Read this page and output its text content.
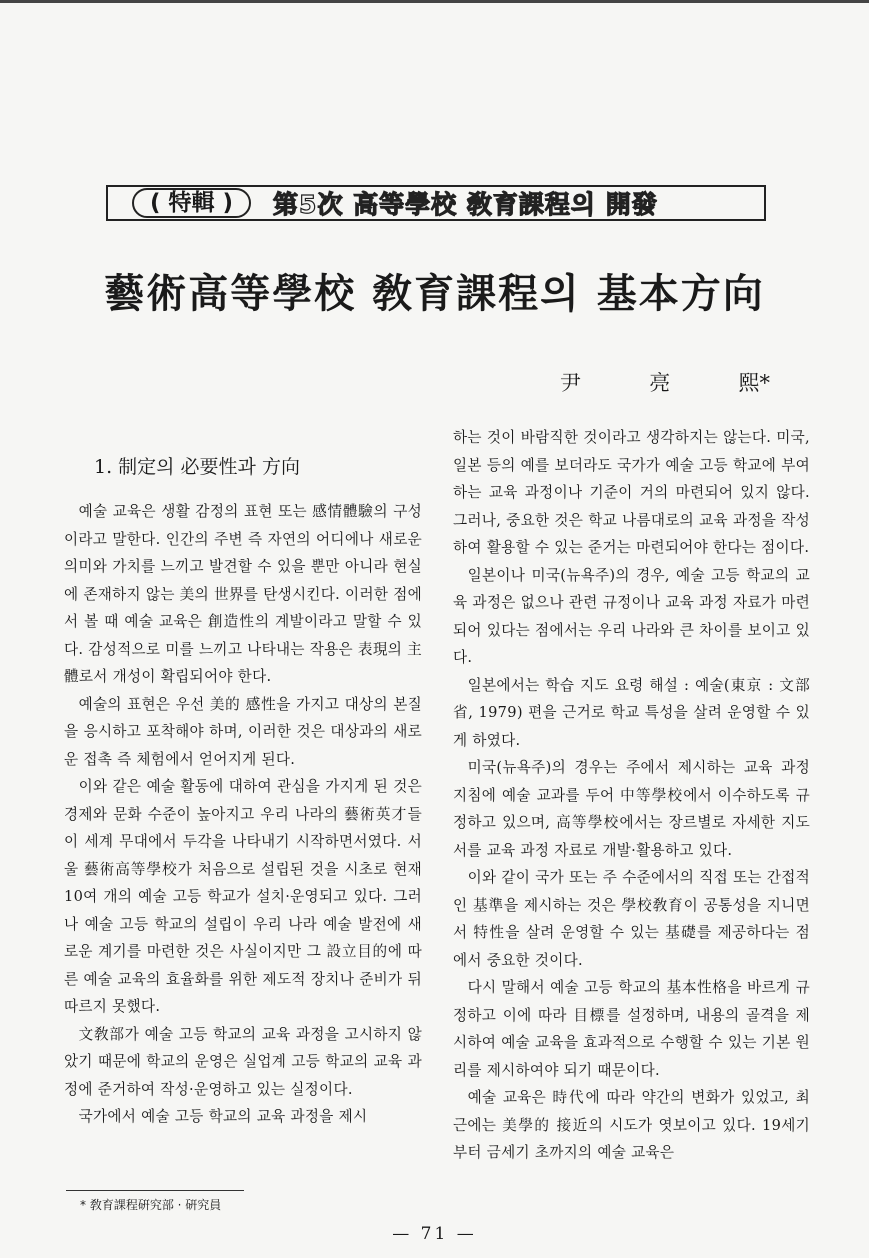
( 特輯 )	第5次 高等學校 敎育課程의 開發
藝術高等學校 敎育課程의 基本方向
尹	亮	熙*
1. 制定의 必要性과 方向

예술 교육은 생활 감정의 표현 또는 感情體驗의 구성이라고 말한다. 인간의 주변 즉 자연의 어디에나 새로운 의미와 가치를 느끼고 발견할 수 있을 뿐만 아니라 현실에 존재하지 않는 美의 世界를 탄생시킨다. 이러한 점에서 볼 때 예술 교육은 創造性의 계발이라고 말할 수 있다. 감성적으로 미를 느끼고 나타내는 작용은 表現의 主體로서 개성이 확립되어야 한다.

예술의 표현은 우선 美的 感性을 가지고 대상의 본질을 응시하고 포착해야 하며, 이러한 것은 대상과의 새로운 접촉 즉 체험에서 얻어지게 된다.

이와 같은 예술 활동에 대하여 관심을 가지게 된 것은 경제와 문화 수준이 높아지고 우리 나라의 藝術英才들이 세계 무대에서 두각을 나타내기 시작하면서였다. 서울 藝術高等學校가 처음으로 설립된 것을 시초로 현재 10여 개의 예술 고등 학교가 설치·운영되고 있다. 그러나 예술 고등 학교의 설립이 우리 나라 예술 발전에 새로운 계기를 마련한 것은 사실이지만 그 設立目的에 따른 예술 교육의 효율화를 위한 제도적 장치나 준비가 뒤따르지 못했다.

文敎部가 예술 고등 학교의 교육 과정을 고시하지 않았기 때문에 학교의 운영은 실업계 고등 학교의 교육 과정에 준거하여 작성·운영하고 있는 실정이다.

국가에서 예술 고등 학교의 교육 과정을 제시

하는 것이 바람직한 것이라고 생각하지는 않는다. 미국, 일본 등의 예를 보더라도 국가가 예술 고등 학교에 부여하는 교육 과정이나 기준이 거의 마련되어 있지 않다. 그러나, 중요한 것은 학교 나름대로의 교육 과정을 작성하여 활용할 수 있는 준거는 마련되어야 한다는 점이다.

일본이나 미국(뉴욕주)의 경우, 예술 고등 학교의 교육 과정은 없으나 관련 규정이나 교육 과정 자료가 마련되어 있다는 점에서는 우리 나라와 큰 차이를 보이고 있다.

일본에서는 학습 지도 요령 해설 : 예술(東京 : 文部省, 1979) 편을 근거로 학교 특성을 살려 운영할 수 있게 하였다.

미국(뉴욕주)의 경우는 주에서 제시하는 교육 과정 지침에 예술 교과를 두어 中等學校에서 이수하도록 규정하고 있으며, 高等學校에서는 장르별로 자세한 지도서를 교육 과정 자료로 개발·활용하고 있다.

이와 같이 국가 또는 주 수준에서의 직접 또는 간접적인 基準을 제시하는 것은 學校敎育이 공통성을 지니면서 特性을 살려 운영할 수 있는 基礎를 제공하다는 점에서 중요한 것이다.

다시 말해서 예술 고등 학교의 基本性格을 바르게 규정하고 이에 따라 目標를 설정하며, 내용의 골격을 제시하여 예술 교육을 효과적으로 수행할 수 있는 기본 원리를 제시하여야 되기 때문이다.

예술 교육은 時代에 따라 약간의 변화가 있었고, 최근에는 美學的 接近의 시도가 엿보이고 있다. 19세기부터 금세기 초까지의 예술 교육은

* 敎育課程硏究部 · 硏究員
— 71 —
